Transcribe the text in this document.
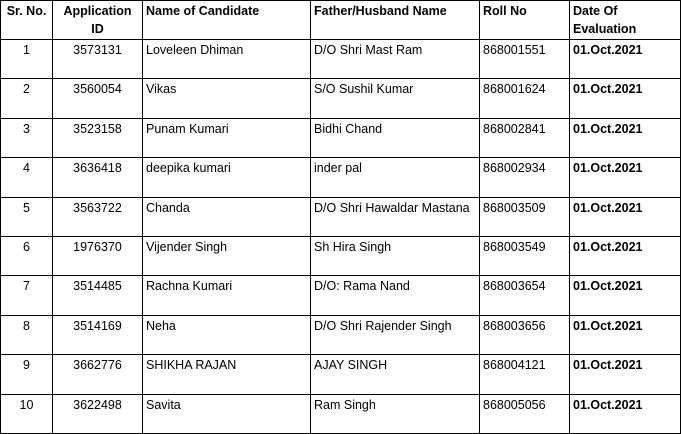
Sr. No.	Application ID	Name of Candidate	Father/Husband Name	Roll No	Date Of Evaluation
1	3573131	Loveleen Dhiman	D/O Shri Mast Ram	868001551	01.Oct.2021
2	3560054	Vikas	S/O Sushil Kumar	868001624	01.Oct.2021
3	3523158	Punam Kumari	Bidhi Chand	868002841	01.Oct.2021
4	3636418	deepika kumari	inder pal	868002934	01.Oct.2021
5	3563722	Chanda	D/O Shri Hawaldar Mastana	868003509	01.Oct.2021
6	1976370	Vijender Singh	Sh Hira Singh	868003549	01.Oct.2021
7	3514485	Rachna Kumari	D/O: Rama Nand	868003654	01.Oct.2021
8	3514169	Neha	D/O Shri Rajender Singh	868003656	01.Oct.2021
9	3662776	SHIKHA RAJAN	AJAY SINGH	868004121	01.Oct.2021
10	3622498	Savita	Ram Singh	868005056	01.Oct.2021
